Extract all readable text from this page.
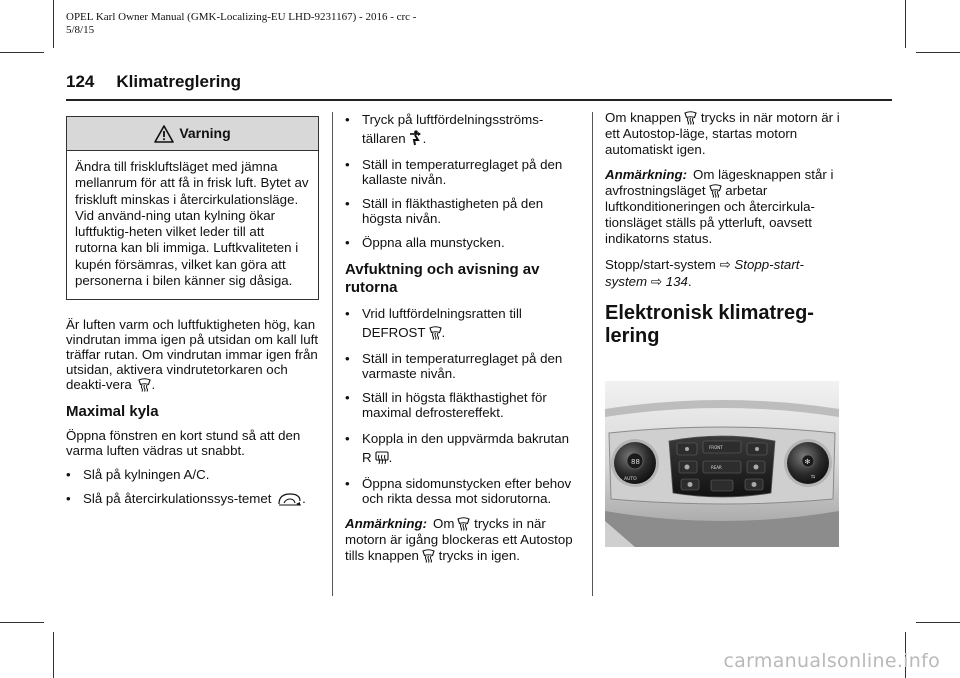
OPEL Karl Owner Manual (GMK-Localizing-EU LHD-9231167) - 2016 - crc -
5/8/15
124 Klimatreglering
Varning
Ändra till friskluftsläget med jämna mellanrum för att få in frisk luft. Bytet av friskluft minskas i återcirkulationsläge. Vid använd-ning utan kylning ökar luftfuktig-heten vilket leder till att rutorna kan bli immiga. Luftkvaliteten i kupén försämras, vilket kan göra att personerna i bilen känner sig dåsiga.

Är luften varm och luftfuktigheten hög, kan vindrutan imma igen på utsidan om kall luft träffar rutan. Om vindrutan immar igen från utsidan, aktivera vindrutetorkaren och deakti-vera .

Maximal kyla

Öppna fönstren en kort stund så att den varma luften vädras ut snabbt.

• Slå på kylningen A/C.
• Slå på återcirkulationssys-temet .
• Tryck på luftfördelningsströms-tällaren .
• Ställ in temperaturreglaget på den kallaste nivån.
• Ställ in fläkthastigheten på den högsta nivån.
• Öppna alla munstycken.
Avfuktning och avisning av rutorna
• Vrid luftfördelningsratten till DEFROST .
• Ställ in temperaturreglaget på den varmaste nivån.
• Ställ in högsta fläkthastighet för maximal defrostereffekt.
• Koppla in den uppvärmda bakrutan R .
• Öppna sidomunstycken efter behov och rikta dessa mot sidorutorna.

Anmärkning: Om trycks in när motorn är igång blockeras ett Autostop tills knappen trycks in igen.

Om knappen trycks in när motorn är i ett Autostop-läge, startas motorn automatiskt igen.

Anmärkning: Om lägesknappen står i avfrostningsläget arbetar luftkonditioneringen och återcirkula-tionsläget ställs på ytterluft, oavsett indikatorns status.

Stopp/start-system ⇨ Stopp-start-system ⇨ 134.

Elektronisk klimatreg-lering
88
AUTO
✻
⇆
FRONT
REAR
carmanualsonline.info
